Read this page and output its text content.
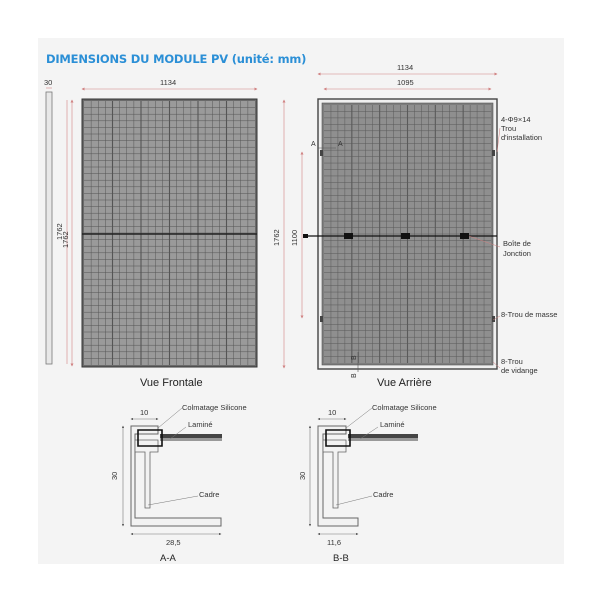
DIMENSIONS DU MODULE PV (unité: mm)
30
1762
1134
1762
Vue Frontale
1134
1095
1762 1100
A	A
B
B
4-Φ9×14
Trou
d'installation
Boîte de
Jonction
8-Trou de masse
8-Trou
de vidange
Vue Arrière
10
30
28,5
Colmatage Silicone
Laminé
Cadre
A-A
10
30
11,6
Colmatage Silicone
Laminé
Cadre
B-B
